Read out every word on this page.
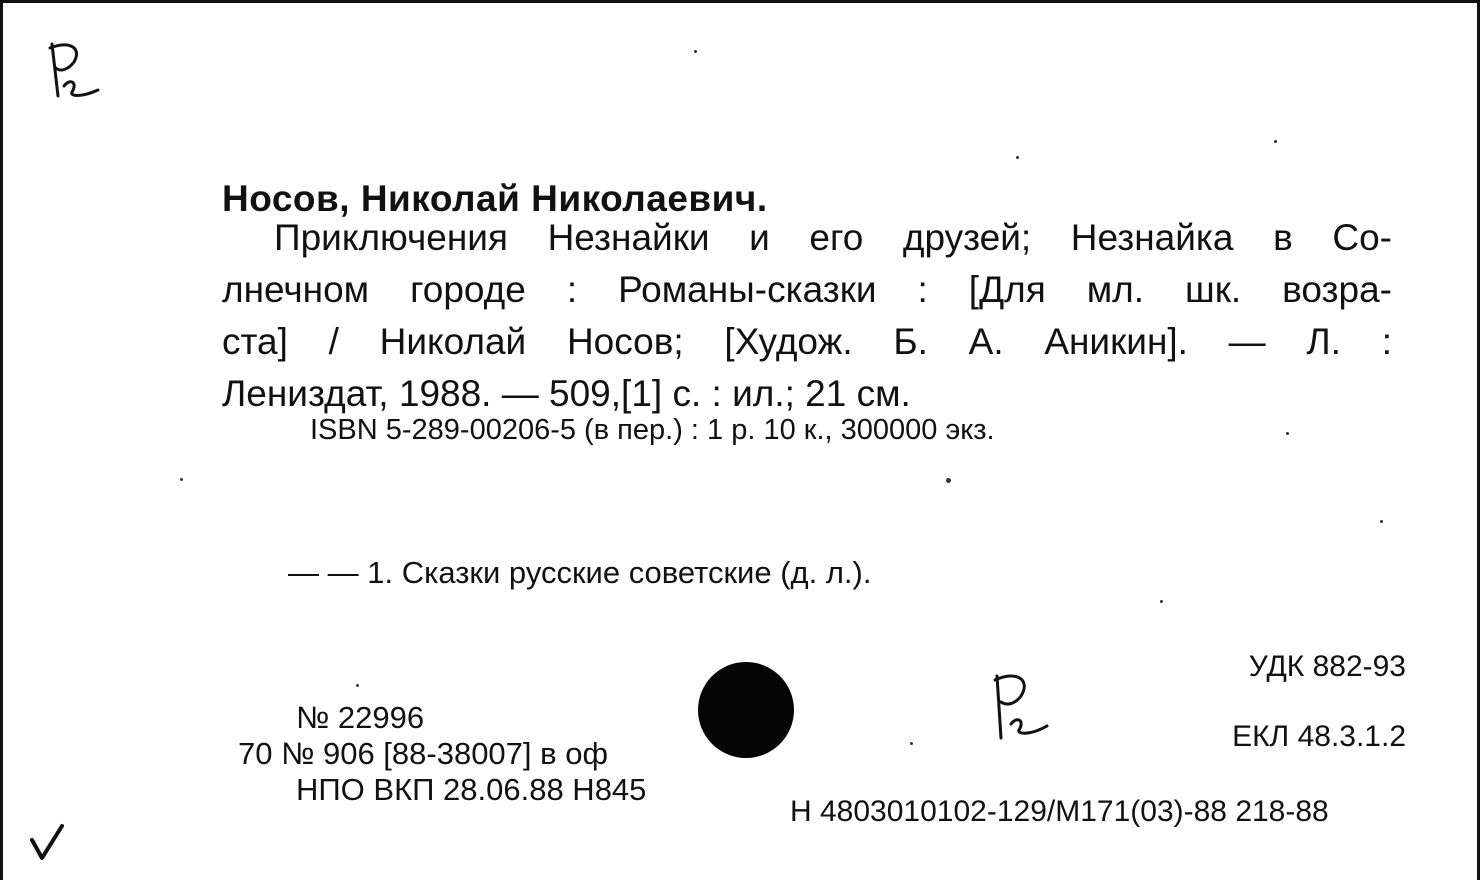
Носов, Николай Николаевич.
Приключения Незнайки и его друзей; Незнайка в Со-
лнечном городе : Романы-сказки : [Для мл. шк. возра-
ста] / Николай Носов; [Худож. Б. А. Аникин]. — Л. :
Лениздат, 1988. — 509,[1] с. : ил.; 21 см.
ISBN 5-289-00206-5 (в пер.) : 1 р. 10 к., 300000 экз.
— — 1. Сказки русские советские (д. л.).
УДК 882-93
ЕКЛ 48.3.1.2
Н 4803010102-129/М171(03)-88 218-88
№ 22996
70 № 906 [88-38007] в оф
НПО ВКП 28.06.88 Н845
